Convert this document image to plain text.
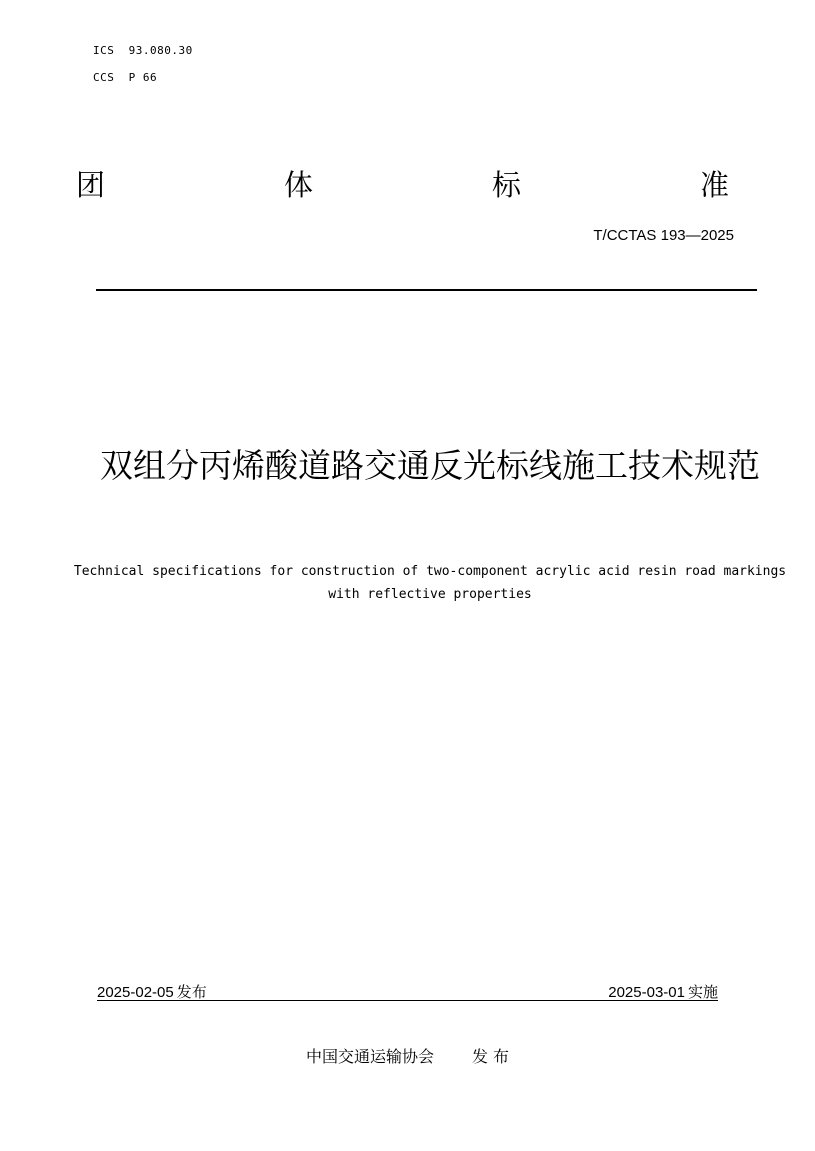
ICS  93.080.30
CCS  P 66
团	体	标	准
T/CCTAS 193—2025
双组分丙烯酸道路交通反光标线施工技术规范
Technical specifications for construction of two-component acrylic acid resin road markings with reflective properties
2025-02-05 发布	2025-03-01 实施
中国交通运输协会 发 布
